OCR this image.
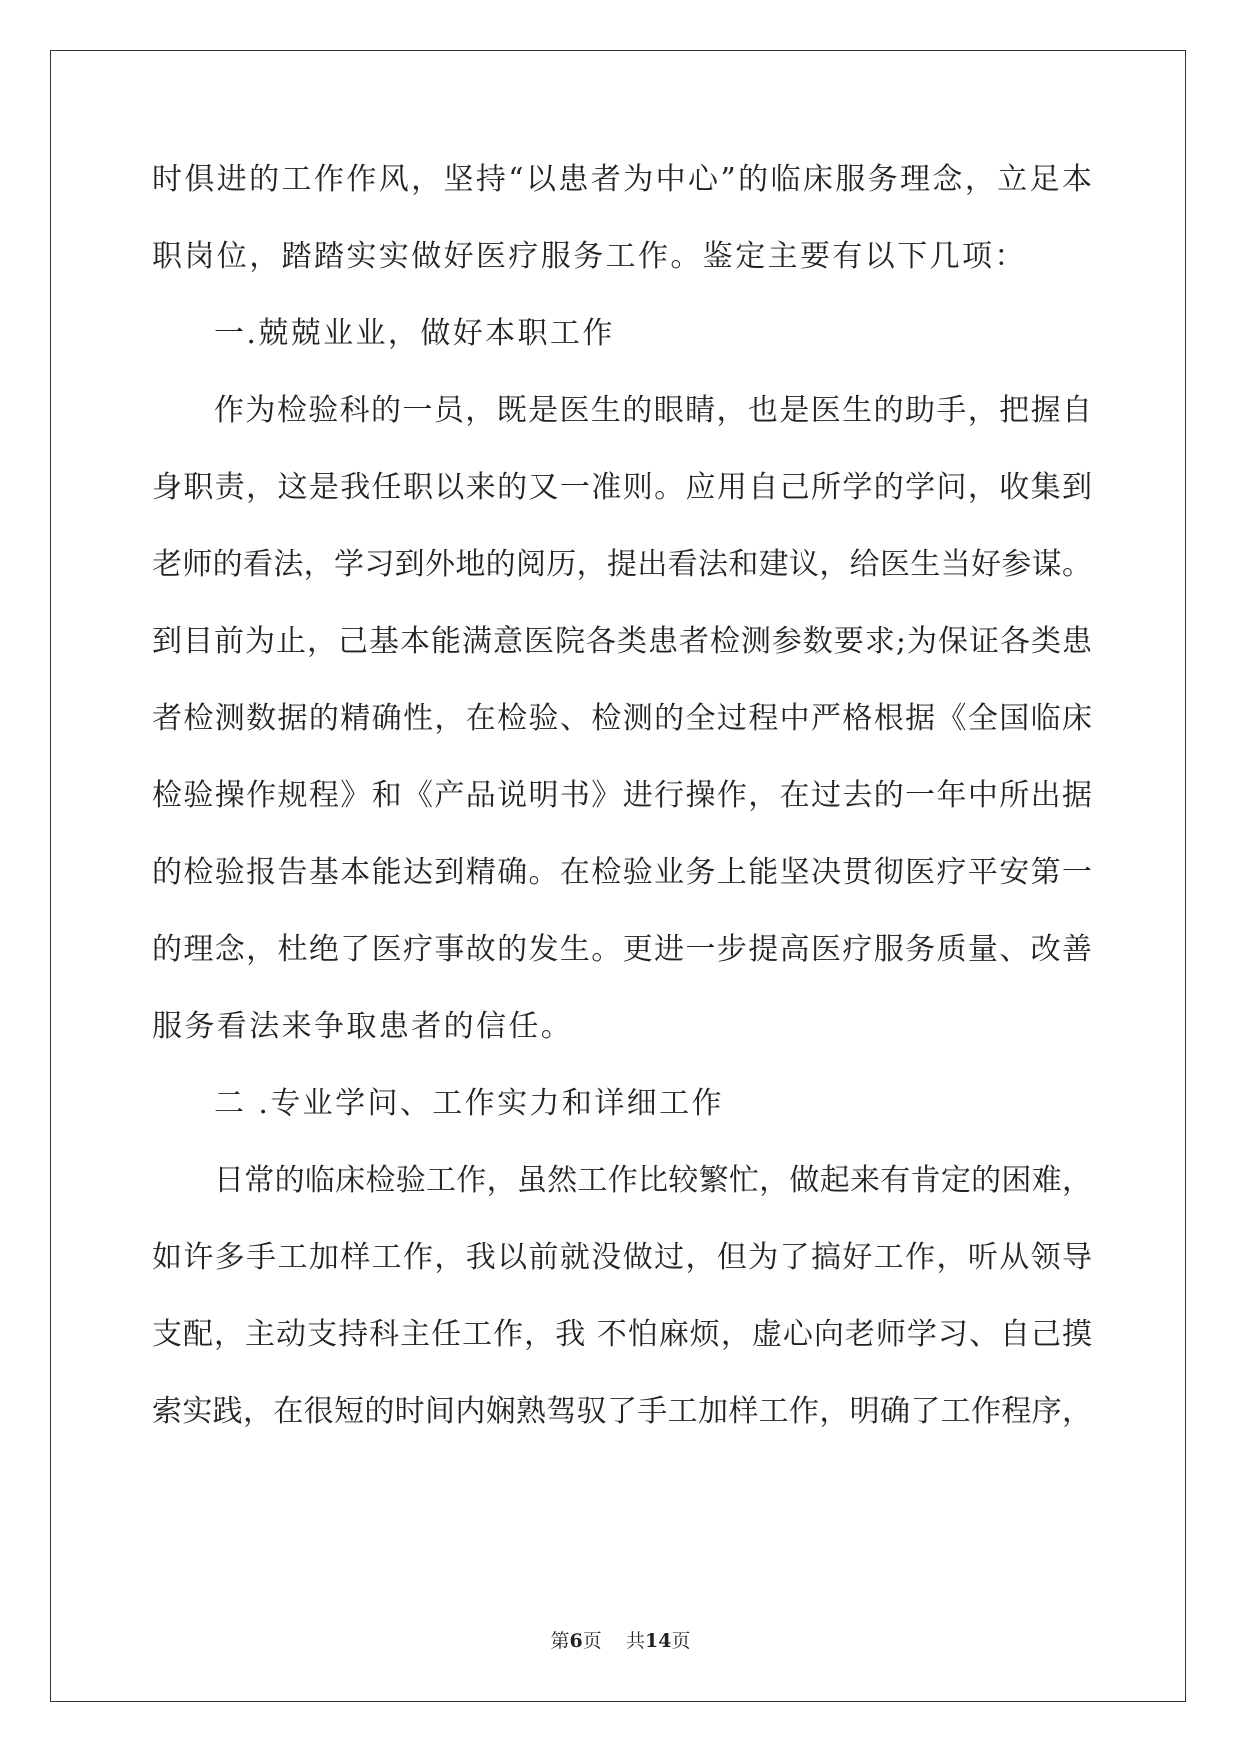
时俱进的工作作风，坚持“以患者为中心”的临床服务理念，立足本
职岗位，踏踏实实做好医疗服务工作。鉴定主要有以下几项：
一.兢兢业业，做好本职工作
作为检验科的一员，既是医生的眼睛，也是医生的助手，把握自
身职责，这是我任职以来的又一准则。应用自己所学的学问，收集到
老师的看法，学习到外地的阅历，提出看法和建议，给医生当好参谋。
到目前为止，己基本能满意医院各类患者检测参数要求;为保证各类患
者检测数据的精确性，在检验、检测的全过程中严格根据《全国临床
检验操作规程》和《产品说明书》进行操作，在过去的一年中所出据
的检验报告基本能达到精确。在检验业务上能坚决贯彻医疗平安第一
的理念，杜绝了医疗事故的发生。更进一步提高医疗服务质量、改善
服务看法来争取患者的信任。
二 .专业学问、工作实力和详细工作
日常的临床检验工作，虽然工作比较繁忙，做起来有肯定的困难，
如许多手工加样工作，我以前就没做过，但为了搞好工作，听从领导
支配，主动支持科主任工作，我 不怕麻烦，虚心向老师学习、自己摸
索实践，在很短的时间内娴熟驾驭了手工加样工作，明确了工作程序，
第6页 共14页
